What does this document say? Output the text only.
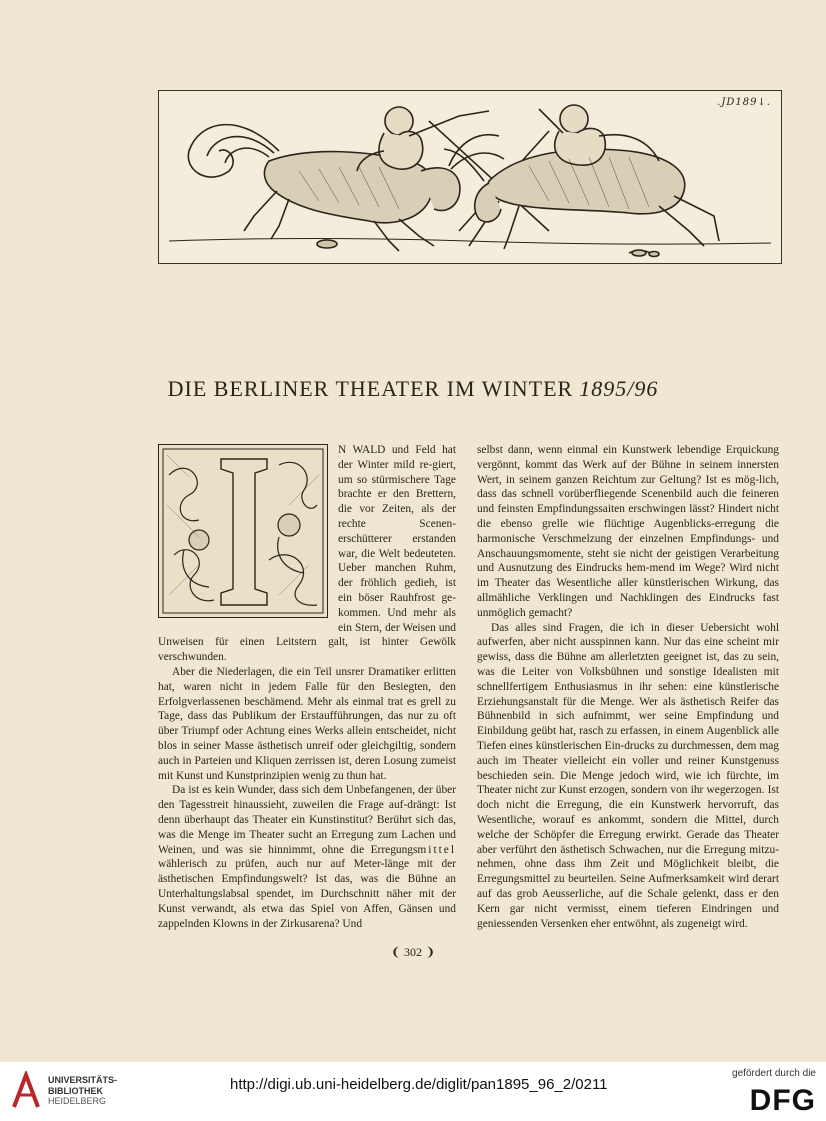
.JD189↓.
DIE BERLINER THEATER IM WINTER 1895/96

N WALD und Feld hat der Winter mild re-giert, um so stürmischere Tage brachte er den Brettern, die vor Zeiten, als der rechte Scenen-erschütterer erstanden war, die Welt bedeuteten. Ueber manchen Ruhm, der fröhlich gedieh, ist ein böser Rauhfrost ge-kommen. Und mehr als ein Stern, der Weisen und Unweisen für einen Leitstern galt, ist hinter Gewölk verschwunden.

Aber die Niederlagen, die ein Teil unsrer Dramatiker erlitten hat, waren nicht in jedem Falle für den Besiegten, den Erfolgverlassenen beschämend. Mehr als einmal trat es grell zu Tage, dass das Publikum der Erstaufführungen, das nur zu oft über Triumpf oder Achtung eines Werks allein entscheidet, nicht blos in seiner Masse ästhetisch unreif oder gleichgiltig, sondern auch in Parteien und Kliquen zerrissen ist, deren Losung zumeist mit Kunst und Kunstprinzipien wenig zu thun hat.

Da ist es kein Wunder, dass sich dem Unbefangenen, der über den Tagesstreit hinaussieht, zuweilen die Frage auf-drängt: Ist denn überhaupt das Theater ein Kunstinstitut? Berührt sich das, was die Menge im Theater sucht an Erregung zum Lachen und Weinen, und was sie hinnimmt, ohne die Erregungsmittel wählerisch zu prüfen, auch nur auf Meter-länge mit der ästhetischen Empfindungswelt? Ist das, was die Bühne an Unterhaltungslabsal spendet, im Durchschnitt näher mit der Kunst verwandt, als etwa das Spiel von Affen, Gänsen und zappelnden Klowns in der Zirkusarena? Und

selbst dann, wenn einmal ein Kunstwerk lebendige Erquickung vergönnt, kommt das Werk auf der Bühne in seinem innersten Wert, in seinem ganzen Reichtum zur Geltung? Ist es mög-lich, dass das schnell vorüberfliegende Scenenbild auch die feineren und feinsten Empfindungssaiten erschwingen lässt? Hindert nicht die ebenso grelle wie flüchtige Augenblicks-erregung die harmonische Verschmelzung der einzelnen Empfindungs- und Anschauungsmomente, steht sie nicht der geistigen Verarbeitung und Ausnutzung des Eindrucks hem-mend im Wege? Wird nicht im Theater das Wesentliche aller künstlerischen Wirkung, das allmähliche Verklingen und Nachklingen des Eindrucks fast unmöglich gemacht?

Das alles sind Fragen, die ich in dieser Uebersicht wohl aufwerfen, aber nicht ausspinnen kann. Nur das eine scheint mir gewiss, dass die Bühne am allerletzten geeignet ist, das zu sein, was die Leiter von Volksbühnen und sonstige Idealisten mit schnellfertigem Enthusiasmus in ihr sehen: eine künstlerische Erziehungsanstalt für die Menge. Wer als ästhetisch Reifer das Bühnenbild in sich aufnimmt, wer seine Empfindung und Einbildung geübt hat, rasch zu erfassen, in einem Augenblick alle Tiefen eines künstlerischen Ein-drucks zu durchmessen, dem mag auch im Theater vielleicht ein voller und reiner Kunstgenuss beschieden sein. Die Menge jedoch wird, wie ich fürchte, im Theater nicht zur Kunst erzogen, sondern von ihr wegerzogen. Ist doch nicht die Erregung, die ein Kunstwerk hervorruft, das Wesentliche, worauf es ankommt, sondern die Mittel, durch welche der Schöpfer die Erregung erwirkt. Gerade das Theater aber verführt den ästhetisch Schwachen, nur die Erregung mitzu-nehmen, ohne dass ihm Zeit und Möglichkeit bleibt, die Erregungsmittel zu beurteilen. Seine Aufmerksamkeit wird derart auf das grob Aeusserliche, auf die Schale gelenkt, dass er den Kern gar nicht vermisst, einem tieferen Eindringen und geniessenden Versenken eher entwöhnt, als zugeneigt wird.

❨ 302 ❩
UNIVERSITÄTS-
BIBLIOTHEK
HEIDELBERG
http://digi.ub.uni-heidelberg.de/diglit/pan1895_96_2/0211
gefördert durch die
DFG
